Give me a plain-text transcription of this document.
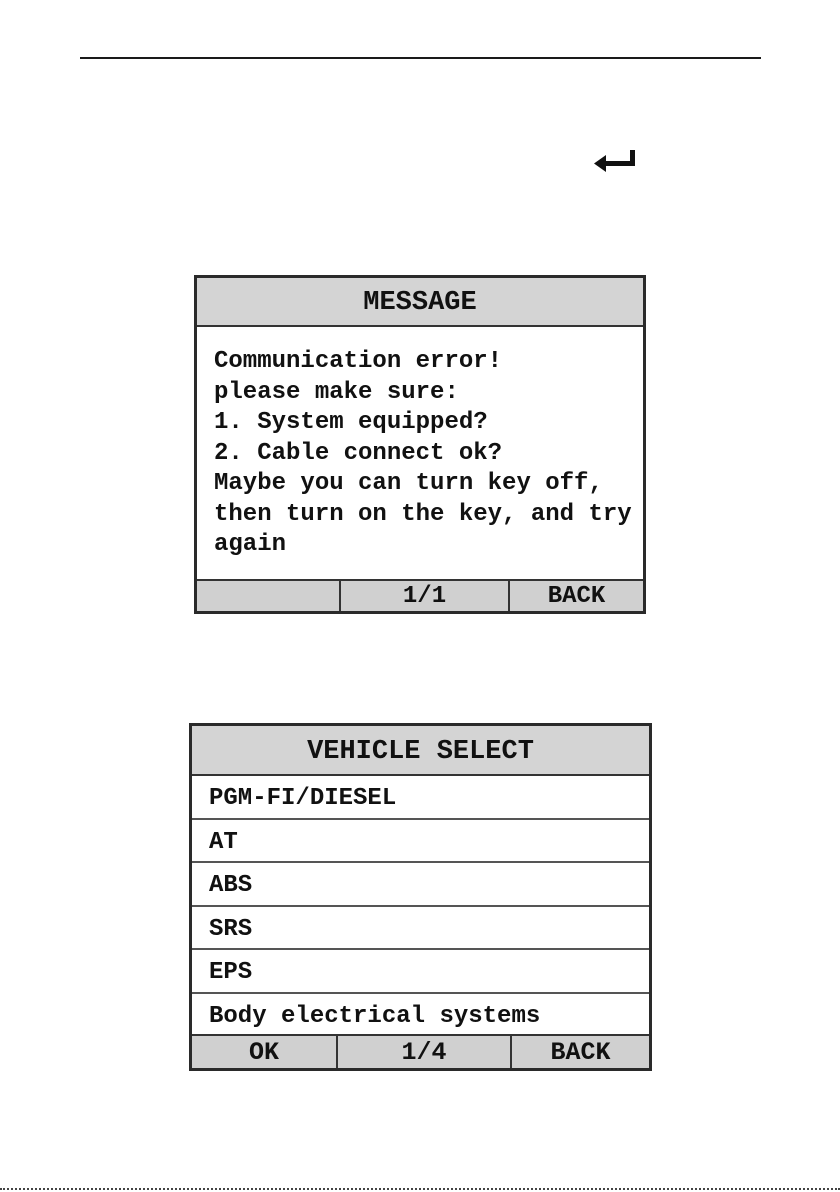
MESSAGE
Communication error!
please make sure:
1. System equipped?
2. Cable connect ok?
Maybe you can turn key off,
then turn on the key, and try
again
1/1	BACK
VEHICLE SELECT
PGM-FI/DIESEL
AT
ABS
SRS
EPS
Body electrical systems
OK	1/4	BACK
